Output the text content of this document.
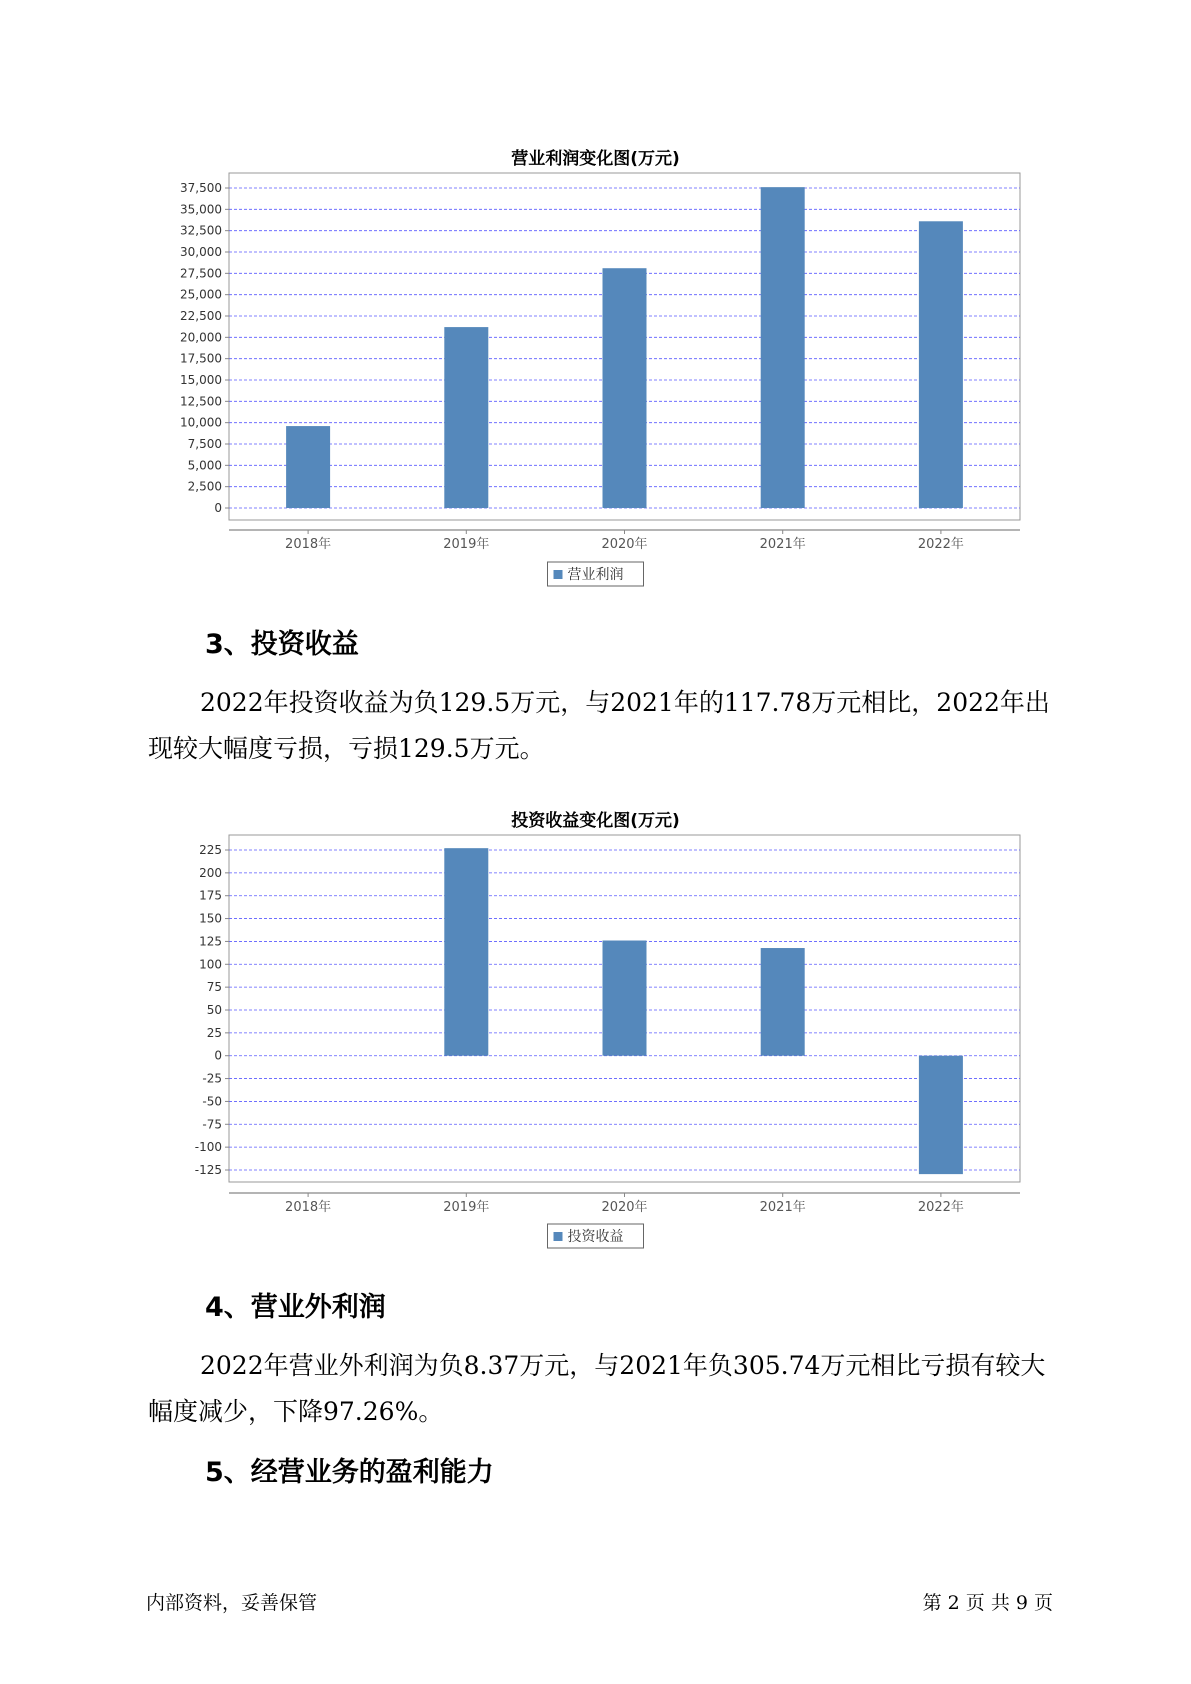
营业利润变化图(万元)
0
2,500
5,000
7,500
10,000
12,500
15,000
17,500
20,000
22,500
25,000
27,500
30,000
32,500
35,000
37,500
2018年	2019年	2020年	2021年	2022年
营业利润
3、投资收益
2022年投资收益为负129.5万元，与2021年的117.78万元相比，2022年出现较大幅度亏损，亏损129.5万元。
投资收益变化图(万元)
-125
-100
-75
-50
-25
0
25
50
75
100
125
150
175
200
225
2018年	2019年	2020年	2021年	2022年
投资收益
4、营业外利润
2022年营业外利润为负8.37万元，与2021年负305.74万元相比亏损有较大幅度减少，下降97.26%。
5、经营业务的盈利能力
内部资料，妥善保管	第 2 页 共 9 页
